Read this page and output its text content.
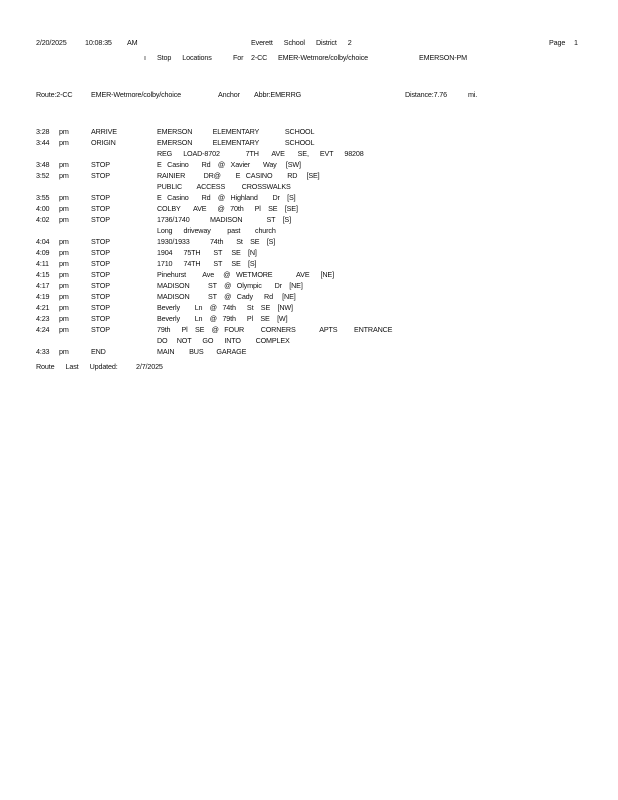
2/20/2025	10:08:35 AM	Everett      School      District      2	Page 1
ı Stop      Locations	For 2-CC EMER-Wetmore/colby/choice	EMERSON-PM
Route:2-CC	EMER-Wetmore/colby/choice	Anchor Abbr:EMERRG	Distance:7.76	mi.
3:28 pm	ARRIVE	EMERSON           ELEMENTARY              SCHOOL
3:44 pm	ORIGIN	EMERSON           ELEMENTARY              SCHOOL
REG      LOAD-8702              7TH       AVE       SE,      EVT      98208
3:48 pm	STOP	E   Casino       Rd    @   Xavier       Way     [SW]
3:52 pm	STOP	RAINIER          DR@        E   CASINO        RD     [SE]
PUBLIC        ACCESS         CROSSWALKS
3:55 pm	STOP	E   Casino       Rd    @   Highland        Dr    [S]
4:00 pm	STOP	COLBY       AVE      @   70th      Pl    SE    [SE]
4:02 pm	STOP	1736/1740           MADISON             ST    [S]
Long      driveway         past        church
4:04 pm	STOP	1930/1933           74th       St    SE    [S]
4:09 pm	STOP	1904      75TH       ST     SE    [N]
4:11 pm	STOP	1710      74TH       ST     SE    [S]
4:15 pm	STOP	Pinehurst         Ave     @   WETMORE             AVE      [NE]
4:17 pm	STOP	MADISON          ST    @   Olympic       Dr    [NE]
4:19 pm	STOP	MADISON          ST    @   Cady      Rd     [NE]
4:21 pm	STOP	Beverly        Ln    @   74th      St    SE    [NW]
4:23 pm	STOP	Beverly        Ln    @   79th      Pl    SE    [W]
4:24 pm	STOP	79th      Pl    SE    @   FOUR         CORNERS             APTS         ENTRANCE
DO     NOT      GO      INTO        COMPLEX
4:33 pm	END	MAIN        BUS       GARAGE
Route      Last      Updated:	2/7/2025
